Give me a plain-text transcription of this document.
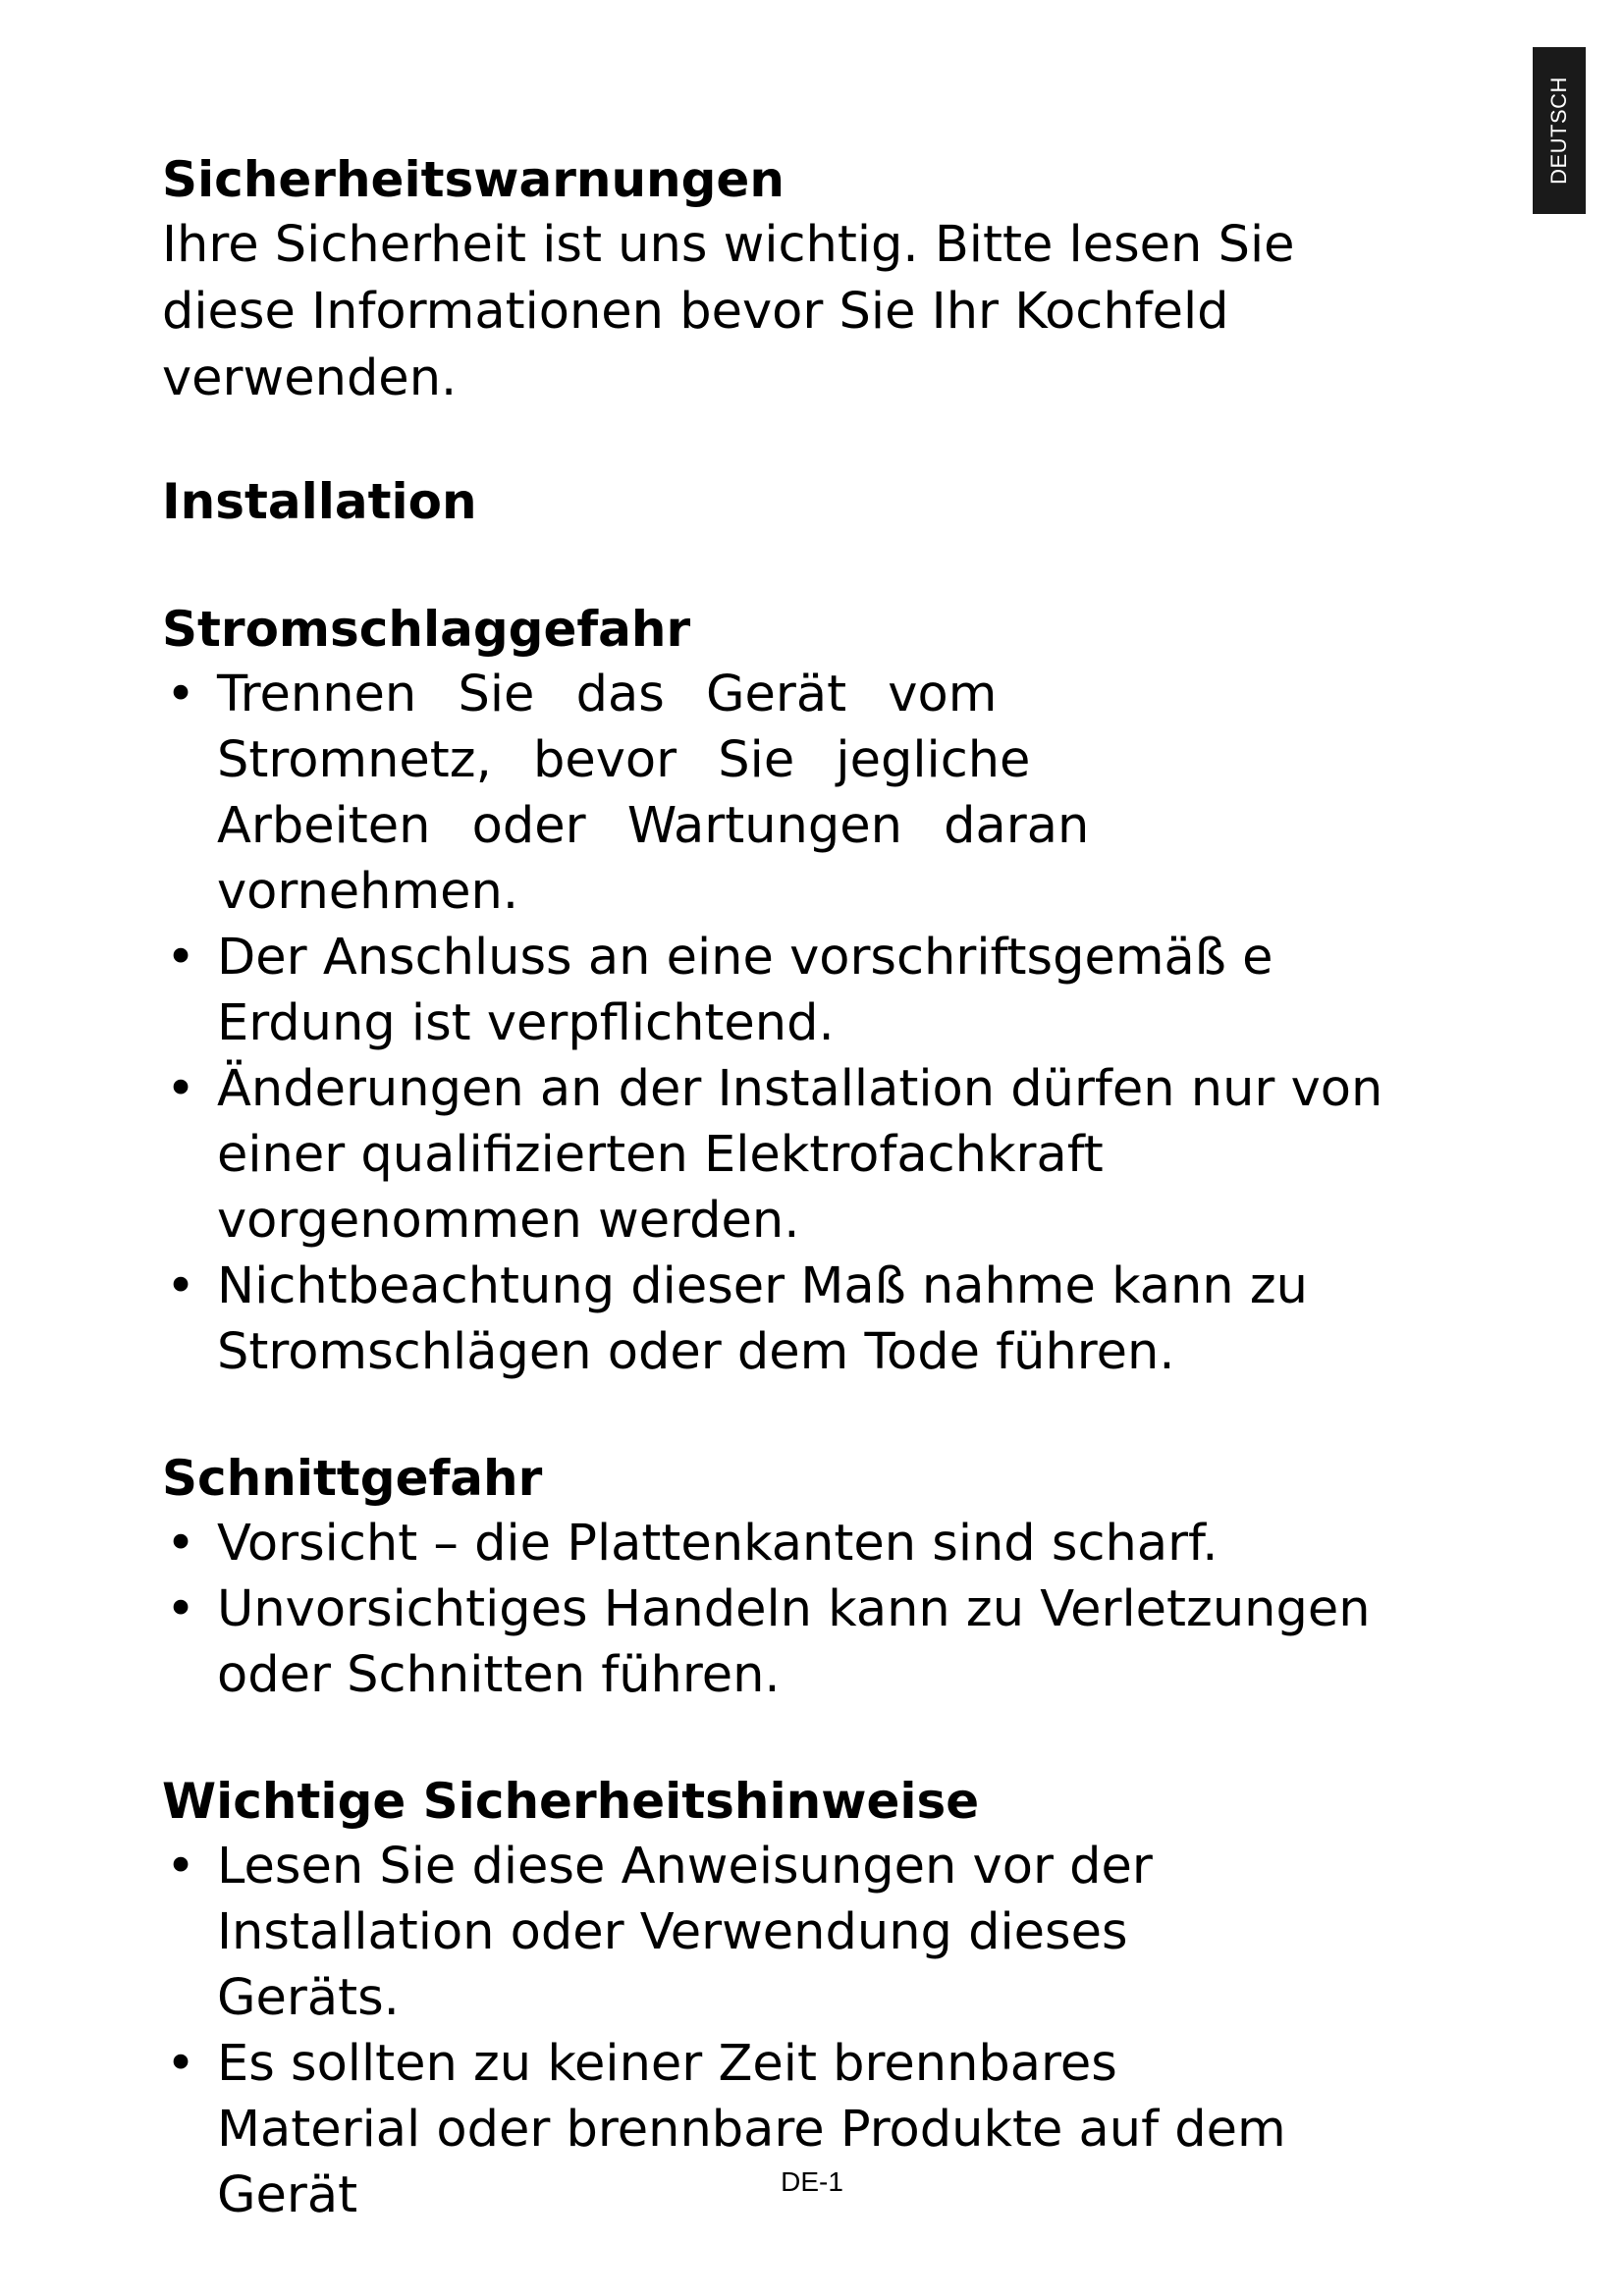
DEUTSCH
Sicherheitswarnungen

Ihre Sicherheit ist uns wichtig. Bitte lesen Sie diese Informationen bevor Sie Ihr Kochfeld verwenden.

Installation
Stromschlaggefahr
• Trennen Sie das Gerät vom Stromnetz, bevor Sie jegliche Arbeiten oder Wartungen daran vornehmen.
• Der Anschluss an eine vorschriftsgemäß e Erdung ist verpflichtend.
• Änderungen an der Installation dürfen nur von einer qualifizierten Elektrofachkraft vorgenommen werden.
• Nichtbeachtung dieser Maß nahme kann zu Stromschlägen oder dem Tode führen.
Schnittgefahr
• Vorsicht – die Plattenkanten sind scharf.
• Unvorsichtiges Handeln kann zu Verletzungen oder Schnitten führen.
Wichtige Sicherheitshinweise
• Lesen Sie diese Anweisungen vor der Installation oder Verwendung dieses Geräts.
• Es sollten zu keiner Zeit brennbares Material oder brennbare Produkte auf dem Gerät	DE-1
